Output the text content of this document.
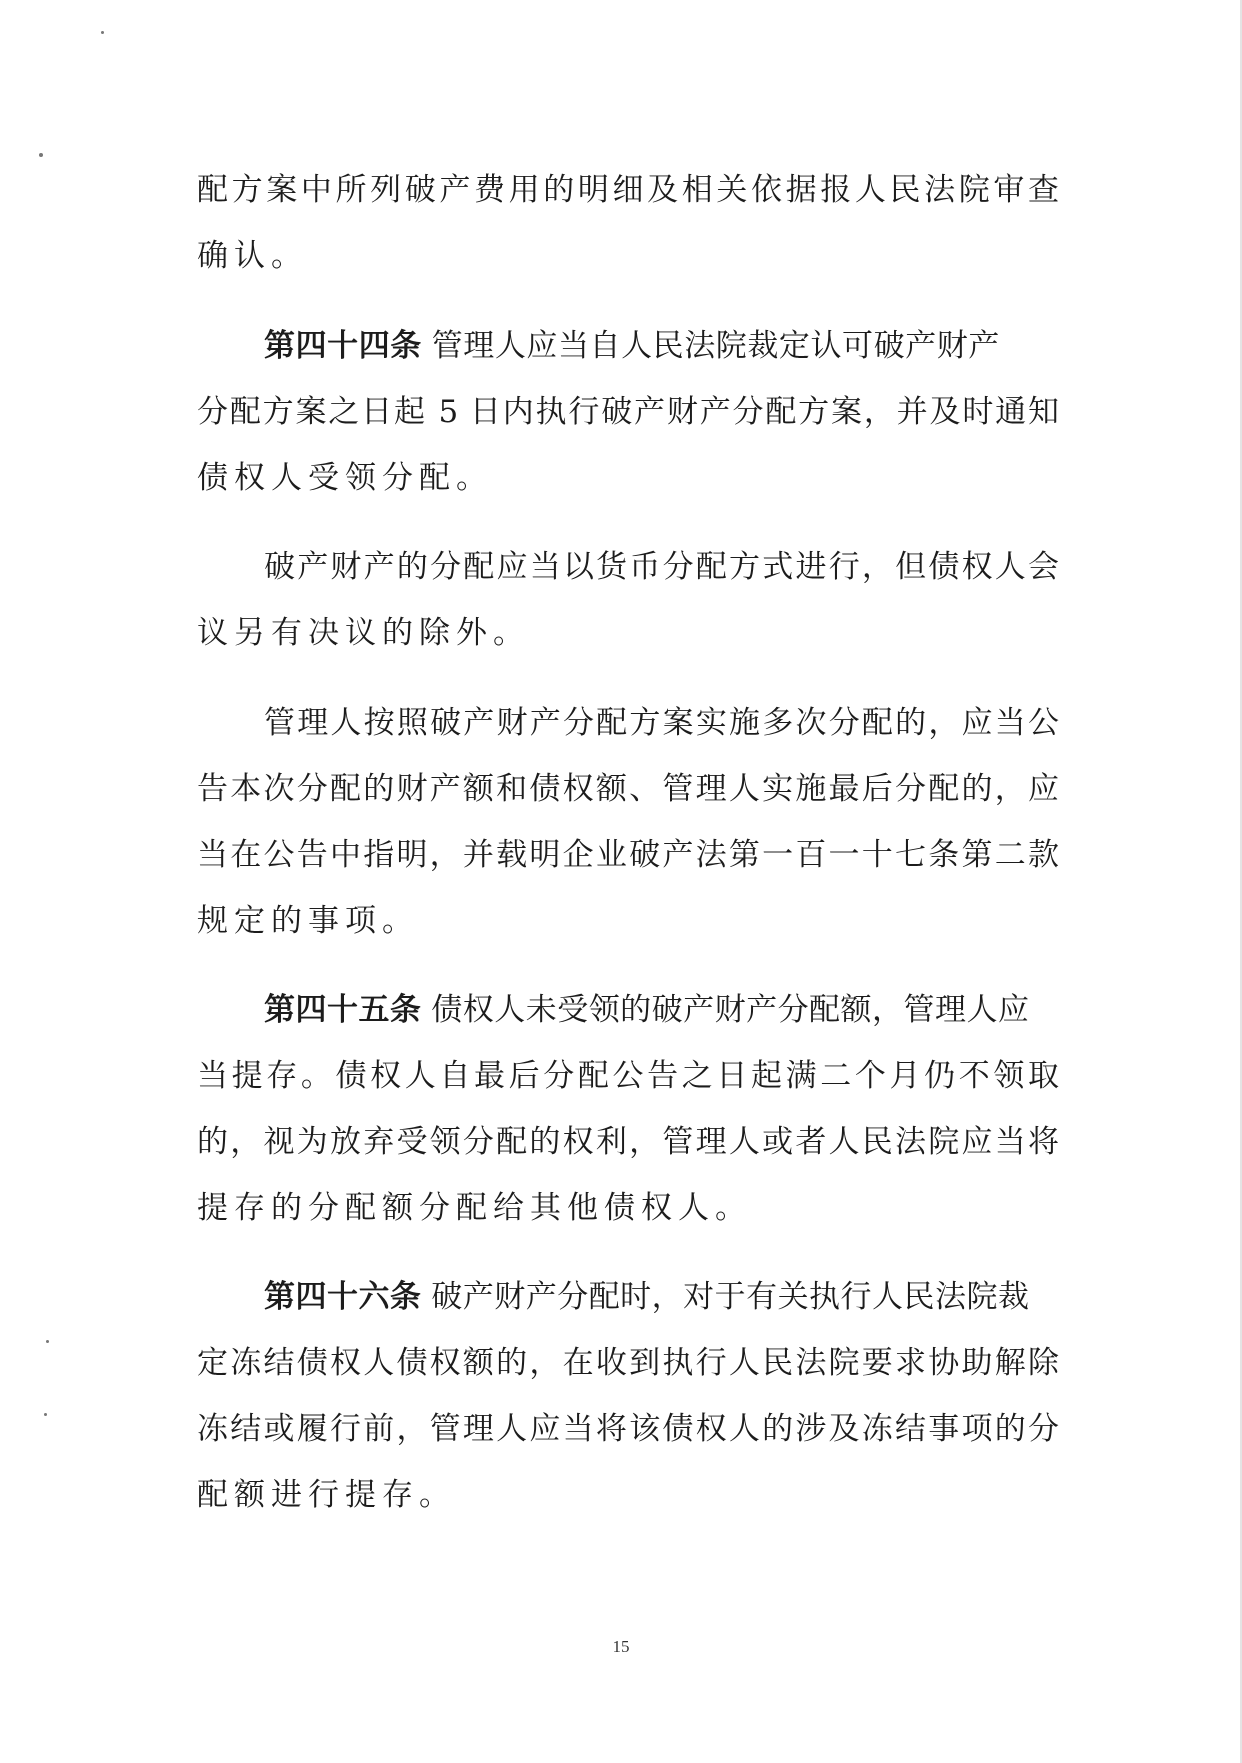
配方案中所列破产费用的明细及相关依据报人民法院审查
确认。
第四十四条 管理人应当自人民法院裁定认可破产财产
分配方案之日起 5 日内执行破产财产分配方案，并及时通知
债权人受领分配。
破产财产的分配应当以货币分配方式进行，但债权人会
议另有决议的除外。
管理人按照破产财产分配方案实施多次分配的，应当公
告本次分配的财产额和债权额、管理人实施最后分配的，应
当在公告中指明，并载明企业破产法第一百一十七条第二款
规定的事项。
第四十五条 债权人未受领的破产财产分配额，管理人应
当提存。债权人自最后分配公告之日起满二个月仍不领取
的，视为放弃受领分配的权利，管理人或者人民法院应当将
提存的分配额分配给其他债权人。
第四十六条 破产财产分配时，对于有关执行人民法院裁
定冻结债权人债权额的，在收到执行人民法院要求协助解除
冻结或履行前，管理人应当将该债权人的涉及冻结事项的分
配额进行提存。
15
